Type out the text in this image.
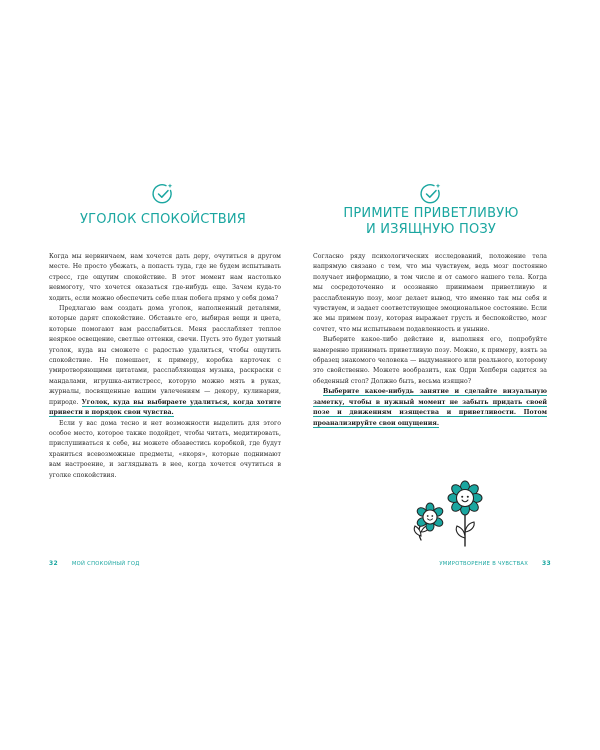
УГОЛОК СПОКОЙСТВИЯ

Когда мы нервничаем, нам хочется дать деру, очутиться в другом месте. Не просто убежать, а попасть туда, где не будем испытывать стресс, где ощутим спокойствие. В этот момент нам настолько невмоготу, что хочется оказаться где-нибудь еще. Зачем куда-то ходить, если можно обеспечить себе план побега прямо у себя дома?

Предлагаю вам создать дома уголок, наполненный деталями, которые дарят спокойствие. Обставьте его, выбирая вещи и цвета, которые помогают вам расслабиться. Меня расслабляет теплое неяркое освещение, светлые оттенки, свечи. Пусть это будет уютный уголок, куда вы сможете с радостью удалиться, чтобы ощутить спокойствие. Не помешает, к примеру, коробка карточек с умиротворяющими цитатами, расслабляющая музыка, раскраски с мандалами, игрушка-антистресс, которую можно мять в руках, журналы, посвященные вашим увлечениям — декору, кулинарии, природе. Уголок, куда вы выбираете удалиться, когда хотите привести в порядок свои чувства.

Если у вас дома тесно и нет возможности выделить для этого особое место, которое также подойдет, чтобы читать, медитировать, прислушиваться к себе, вы можете обзавестись коробкой, где будут храниться всевозможные предметы, «якоря», которые поднимают вам настроение, и заглядывать в нее, когда хочется очутиться в уголке спокойствия.

32	МОЙ СПОКОЙНЫЙ ГОД
ПРИМИТЕ ПРИВЕТЛИВУЮ
И ИЗЯЩНУЮ ПОЗУ

Согласно ряду психологических исследований, положение тела напрямую связано с тем, что мы чувствуем, ведь мозг постоянно получает информацию, в том числе и от самого нашего тела. Когда мы сосредоточенно и осознанно принимаем приветливую и расслабленную позу, мозг делает вывод, что именно так мы себя и чувствуем, и задает соответствующее эмоциональное состояние. Если же мы примем позу, которая выражает грусть и беспокойство, мозг сочтет, что мы испытываем подавленность и уныние.

Выберите какое-либо действие и, выполняя его, попробуйте намеренно принимать приветливую позу. Можно, к примеру, взять за образец знакомого человека — выдуманного или реального, которому это свойственно. Можете вообразить, как Одри Хепберн садится за обеденный стол? Должно быть, весьма изящно?

Выберите какое-нибудь занятие и сделайте визуальную заметку, чтобы в нужный момент не забыть придать своей позе и движениям изящества и приветливости. Потом проанализируйте свои ощущения.

УМИРОТВОРЕНИЕ В ЧУВСТВАХ 33
